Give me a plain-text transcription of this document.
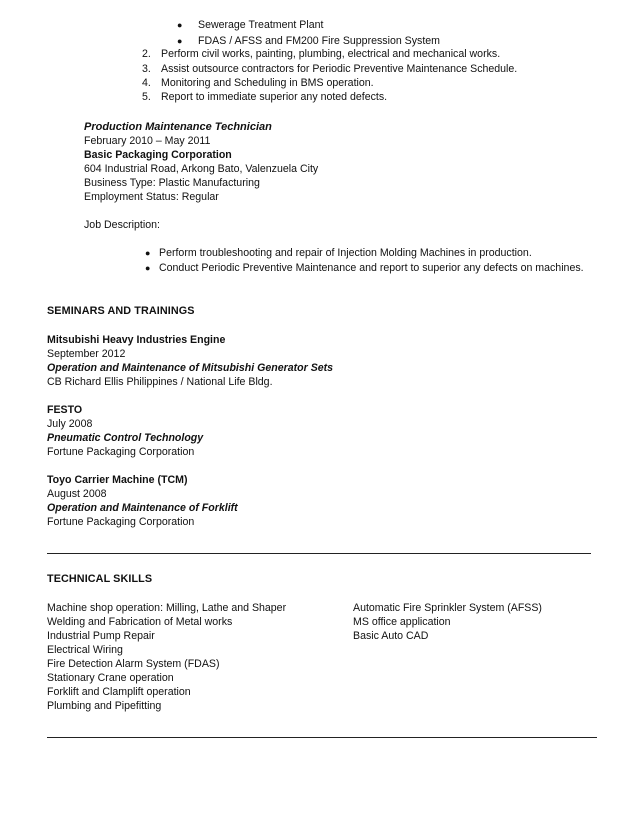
● Sewerage Treatment Plant
● FDAS / AFSS and FM200 Fire Suppression System
2. Perform civil works, painting, plumbing, electrical and mechanical works.
3. Assist outsource contractors for Periodic Preventive Maintenance Schedule.
4. Monitoring and Scheduling in BMS operation.
5. Report to immediate superior any noted defects.
Production Maintenance Technician
February 2010 – May 2011
Basic Packaging Corporation
604 Industrial Road, Arkong Bato, Valenzuela City
Business Type: Plastic Manufacturing
Employment Status: Regular
Job Description:
● Perform troubleshooting and repair of Injection Molding Machines in production.
● Conduct Periodic Preventive Maintenance and report to superior any defects on machines.
SEMINARS AND TRAININGS
Mitsubishi Heavy Industries Engine
September 2012
Operation and Maintenance of Mitsubishi Generator Sets
CB Richard Ellis Philippines / National Life Bldg.
FESTO
July 2008
Pneumatic Control Technology
Fortune Packaging Corporation
Toyo Carrier Machine (TCM)
August 2008
Operation and Maintenance of Forklift
Fortune Packaging Corporation
TECHNICAL SKILLS
Machine shop operation: Milling, Lathe and Shaper
Welding and Fabrication of Metal works
Industrial Pump Repair
Electrical Wiring
Fire Detection Alarm System (FDAS)
Stationary Crane operation
Forklift and Clamplift operation
Plumbing and Pipefitting
Automatic Fire Sprinkler System (AFSS)
MS office application
Basic Auto CAD
